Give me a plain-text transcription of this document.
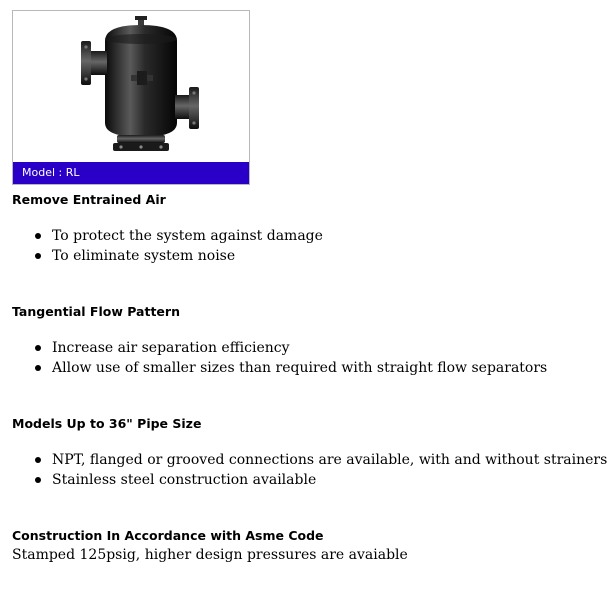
Model : RL
Remove Entrained Air
To protect the system against damage
To eliminate system noise
Tangential Flow Pattern
Increase air separation efficiency
Allow use of smaller sizes than required with straight flow separators
Models Up to 36" Pipe Size
NPT, flanged or grooved connections are available, with and without strainers
Stainless steel construction available
Construction In Accordance with Asme Code

Stamped 125psig, higher design pressures are avaiable
